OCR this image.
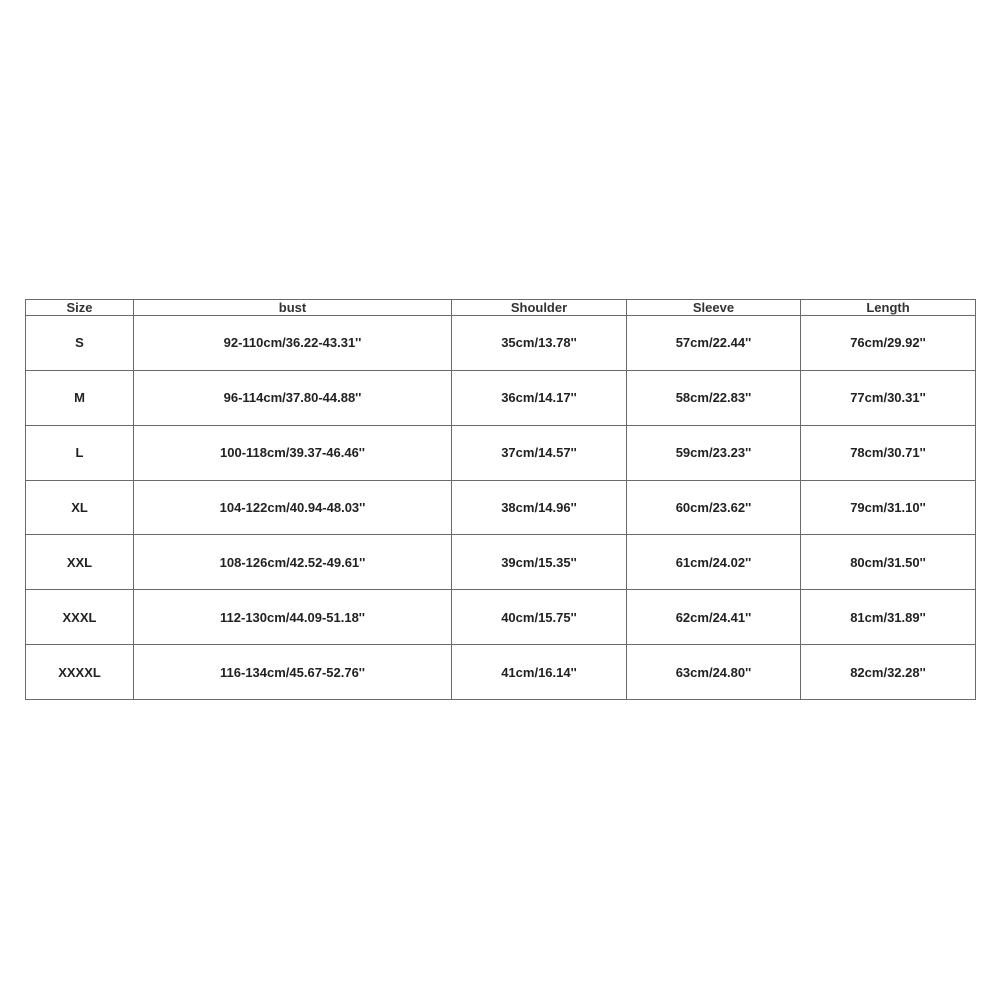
Size	bust	Shoulder	Sleeve	Length
S	92-110cm/36.22-43.31''	35cm/13.78''	57cm/22.44''	76cm/29.92''
M	96-114cm/37.80-44.88''	36cm/14.17''	58cm/22.83''	77cm/30.31''
L	100-118cm/39.37-46.46''	37cm/14.57''	59cm/23.23''	78cm/30.71''
XL	104-122cm/40.94-48.03''	38cm/14.96''	60cm/23.62''	79cm/31.10''
XXL	108-126cm/42.52-49.61''	39cm/15.35''	61cm/24.02''	80cm/31.50''
XXXL	112-130cm/44.09-51.18''	40cm/15.75''	62cm/24.41''	81cm/31.89''
XXXXL	116-134cm/45.67-52.76''	41cm/16.14''	63cm/24.80''	82cm/32.28''
